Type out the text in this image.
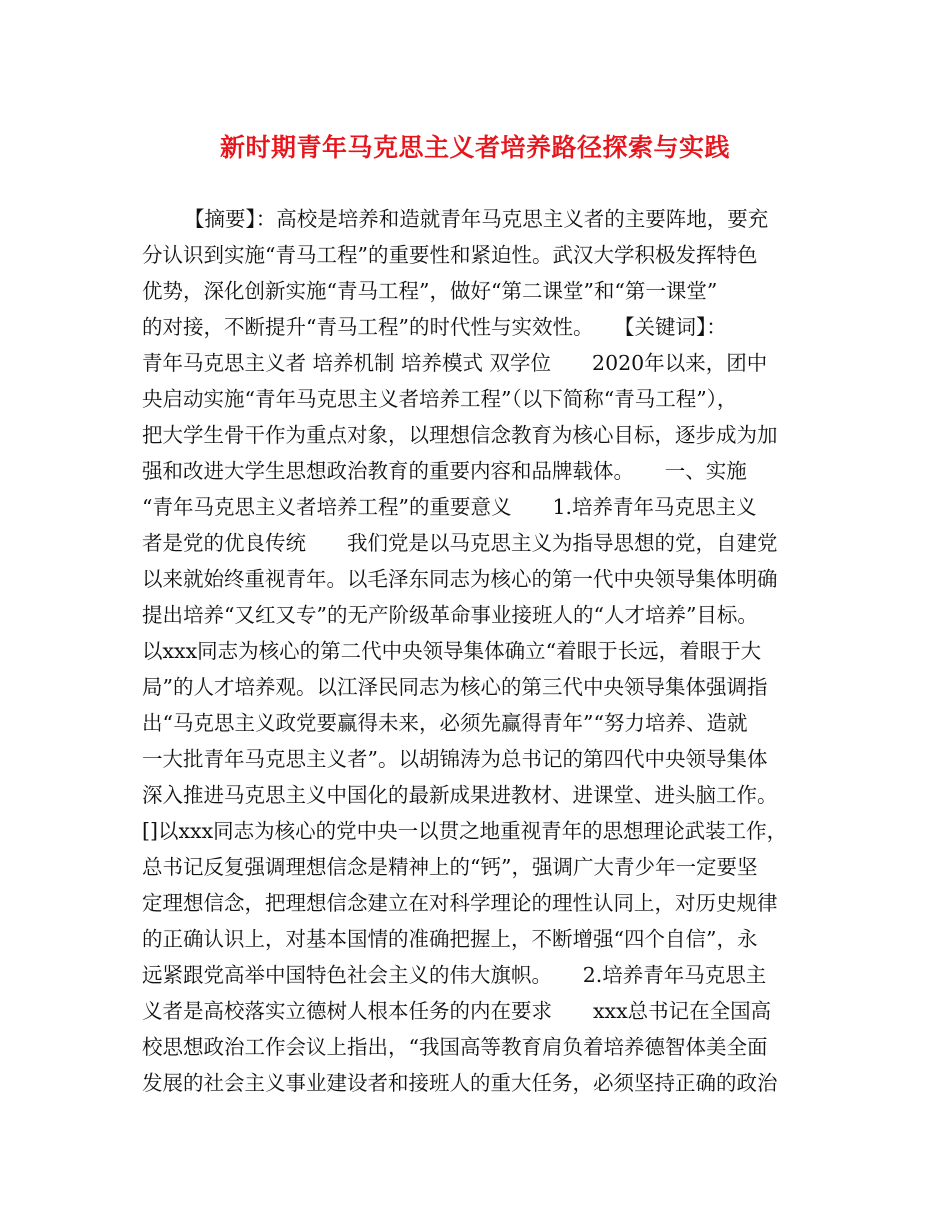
新时期青年马克思主义者培养路径探索与实践
【摘要】：高校是培养和造就青年马克思主义者的主要阵地，要充
分认识到实施“青马工程”的重要性和紧迫性。武汉大学积极发挥特色
优势，深化创新实施“青马工程”，做好“第二课堂”和“第一课堂”
的对接，不断提升“青马工程”的时代性与实效性。　　【关键词】：
青年马克思主义者 培养机制 培养模式 双学位　　2020年以来，团中
央启动实施“青年马克思主义者培养工程”（以下简称“青马工程”），
把大学生骨干作为重点对象，以理想信念教育为核心目标，逐步成为加
强和改进大学生思想政治教育的重要内容和品牌载体。　　一、实施
“青年马克思主义者培养工程”的重要意义　　1.培养青年马克思主义
者是党的优良传统　　我们党是以马克思主义为指导思想的党，自建党
以来就始终重视青年。以毛泽东同志为核心的第一代中央领导集体明确
提出培养“又红又专”的无产阶级革命事业接班人的“人才培养”目标。
以xxx同志为核心的第二代中央领导集体确立“着眼于长远，着眼于大
局”的人才培养观。以江泽民同志为核心的第三代中央领导集体强调指
出“马克思主义政党要赢得未来，必须先赢得青年”“努力培养、造就
一大批青年马克思主义者”。以胡锦涛为总书记的第四代中央领导集体
深入推进马克思主义中国化的最新成果进教材、进课堂、进头脑工作。
[]以xxx同志为核心的党中央一以贯之地重视青年的思想理论武装工作，
总书记反复强调理想信念是精神上的“钙”，强调广大青少年一定要坚
定理想信念，把理想信念建立在对科学理论的理性认同上，对历史规律
的正确认识上，对基本国情的准确把握上，不断增强“四个自信”，永
远紧跟党高举中国特色社会主义的伟大旗帜。　　2.培养青年马克思主
义者是高校落实立德树人根本任务的内在要求　　xxx总书记在全国高
校思想政治工作会议上指出，“我国高等教育肩负着培养德智体美全面
发展的社会主义事业建设者和接班人的重大任务，必须坚持正确的政治
